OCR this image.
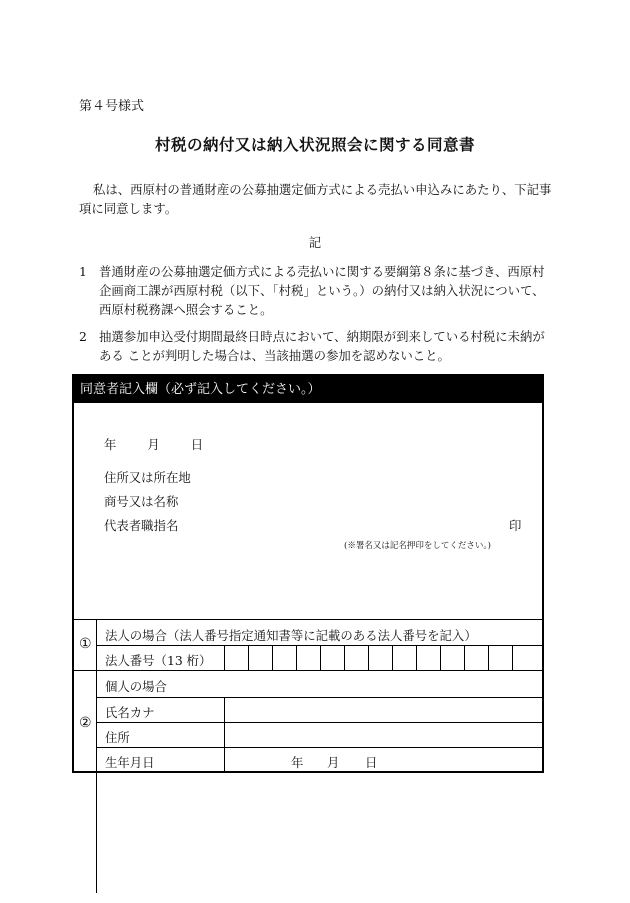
第４号様式
村税の納付又は納入状況照会に関する同意書
私は、西原村の普通財産の公募抽選定価方式による売払い申込みにあたり、下記事項に同意します。
記
1 普通財産の公募抽選定価方式による売払いに関する要綱第８条に基づき、西原村企画商工課が西原村税（以下、「村税」という。）の納付又は納入状況について、西原村税務課へ照会すること。
2 抽選参加申込受付期間最終日時点において、納期限が到来している村税に未納がある ことが判明した場合は、当該抽選の参加を認めないこと。
同意者記入欄（必ず記入してください。）
年 月 日
住所又は所在地
商号又は名称
代表者職指名	印
(※署名又は記名押印をしてください。)
①
法人の場合（法人番号指定通知書等に記載のある法人番号を記入）
法人番号（13 桁）
②
個人の場合
氏名カナ
住所
生年月日	年 月 日
